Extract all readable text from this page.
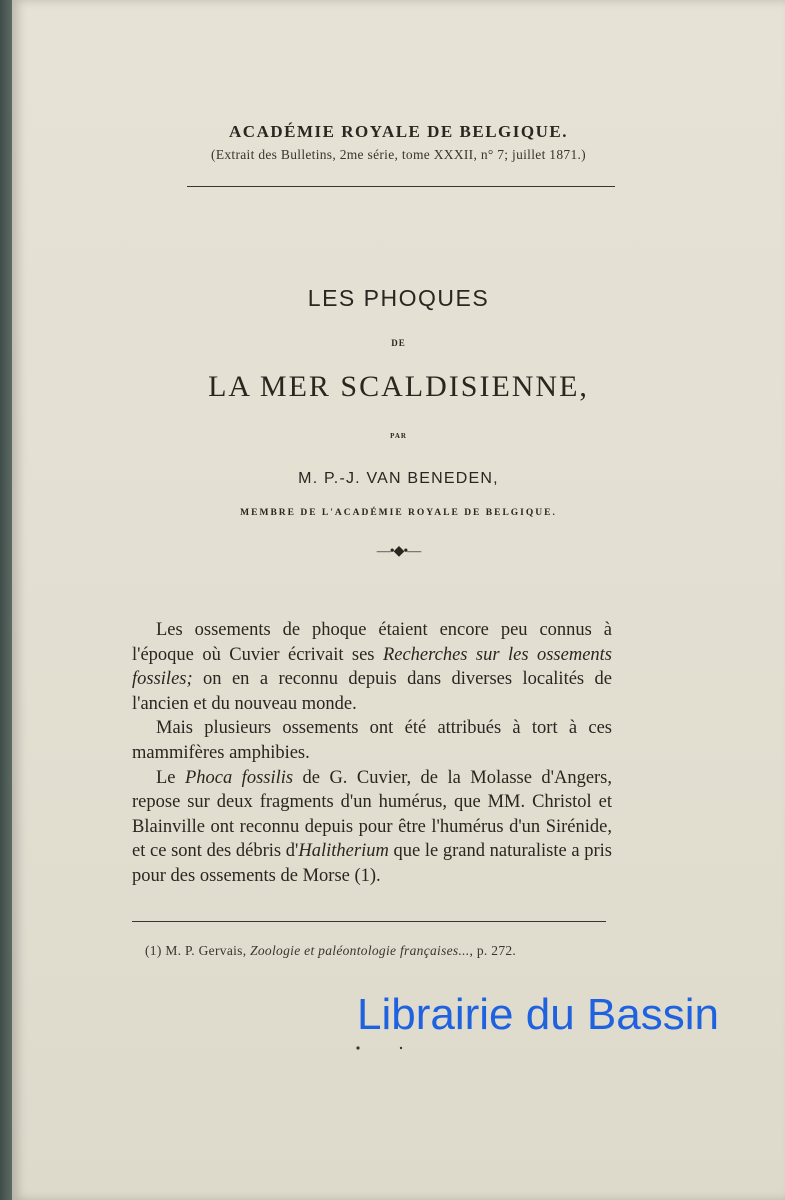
ACADÉMIE ROYALE DE BELGIQUE.
(Extrait des Bulletins, 2me série, tome XXXII, n° 7; juillet 1871.)
LES PHOQUES
DE
LA MER SCALDISIENNE,
PAR
M. P.-J. VAN BENEDEN,
MEMBRE DE L'ACADÉMIE ROYALE DE BELGIQUE.
—•◆•—

Les ossements de phoque étaient encore peu connus à l'époque où Cuvier écrivait ses Recherches sur les ossements fossiles; on en a reconnu depuis dans diverses localités de l'ancien et du nouveau monde.

Mais plusieurs ossements ont été attribués à tort à ces mammifères amphibies.

Le Phoca fossilis de G. Cuvier, de la Molasse d'Angers, repose sur deux fragments d'un humérus, que MM. Christol et Blainville ont reconnu depuis pour être l'humérus d'un Sirénide, et ce sont des débris d'Halitherium que le grand naturaliste a pris pour des ossements de Morse (1).

(1) M. P. Gervais, Zoologie et paléontologie françaises..., p. 272.
Librairie du Bassin
